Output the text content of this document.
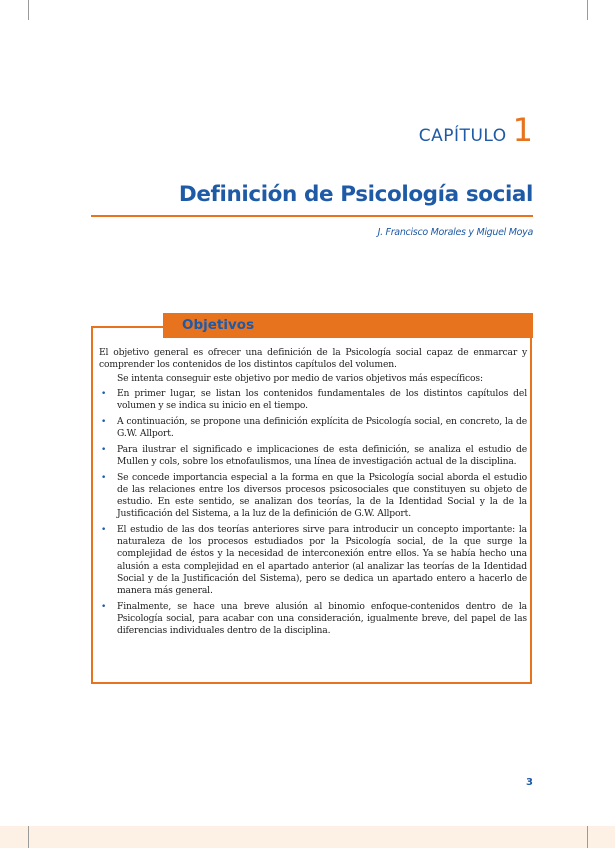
CAPÍTULO 1
Definición de Psicología social
J. Francisco Morales y Miguel Moya
Objetivos

El objetivo general es ofrecer una definición de la Psicología social capaz de enmarcar y comprender los contenidos de los distintos capítulos del volumen.

Se intenta conseguir este objetivo por medio de varios objetivos más específicos:

• En primer lugar, se listan los contenidos fundamentales de los distintos capítulos del volumen y se indica su inicio en el tiempo.
• A continuación, se propone una definición explícita de Psicología social, en concreto, la de G.W. Allport.
• Para ilustrar el significado e implicaciones de esta definición, se analiza el estudio de Mullen y cols, sobre los etnofaulismos, una línea de investigación actual de la disciplina.
• Se concede importancia especial a la forma en que la Psicología social aborda el estudio de las relaciones entre los diversos procesos psicosociales que constituyen su objeto de estudio. En este sentido, se analizan dos teorías, la de la Identidad Social y la de la Justificación del Sistema, a la luz de la definición de G.W. Allport.
• El estudio de las dos teorías anteriores sirve para introducir un concepto importante: la naturaleza de los procesos estudiados por la Psicología social, de la que surge la complejidad de éstos y la necesidad de interconexión entre ellos. Ya se había hecho una alusión a esta complejidad en el apartado anterior (al analizar las teorías de la Identidad Social y de la Justificación del Sistema), pero se dedica un apartado entero a hacerlo de manera más general.
• Finalmente, se hace una breve alusión al binomio enfoque-contenidos dentro de la Psicología social, para acabar con una consideración, igualmente breve, del papel de las diferencias individuales dentro de la disciplina.
3
